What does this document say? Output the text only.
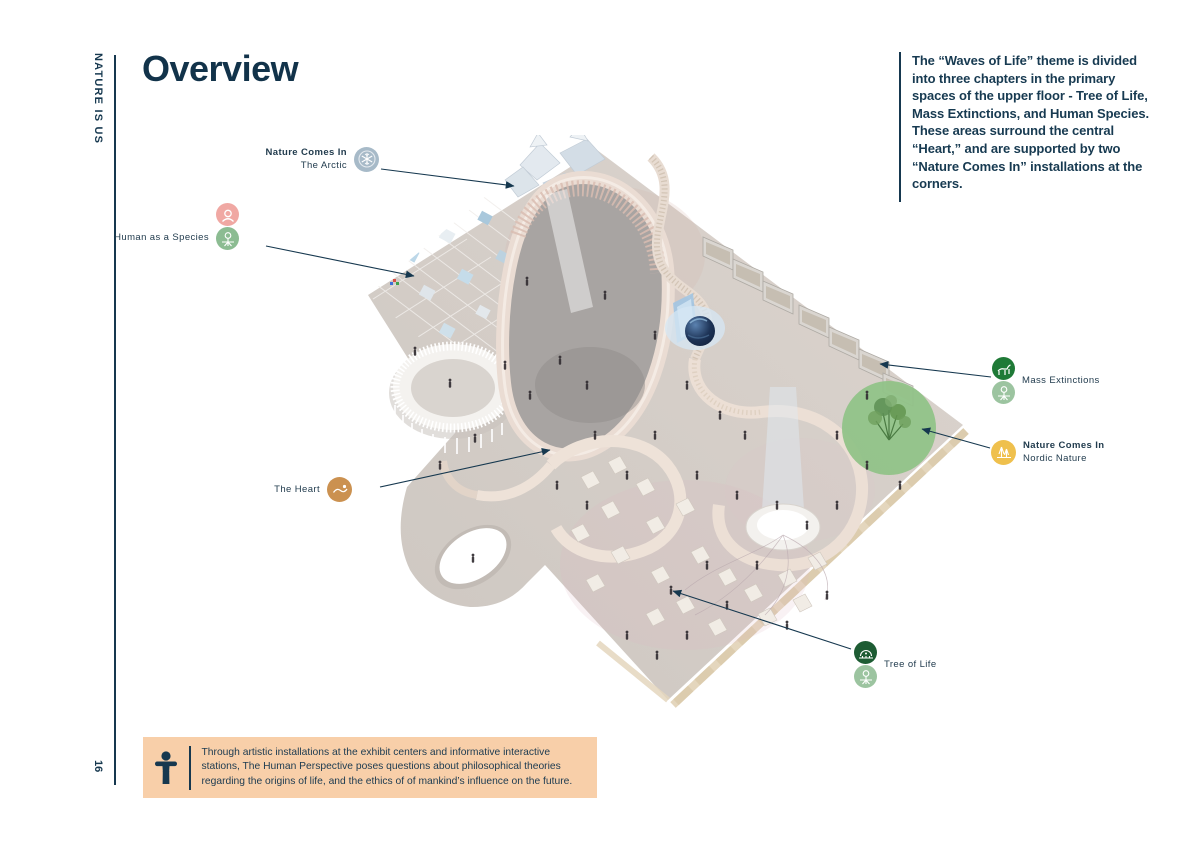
NATURE IS US
16
Overview	The “Waves of Life” theme is divided into three chapters in the primary spaces of the upper floor - Tree of Life, Mass Extinctions, and Human Species. These areas surround the central “Heart,” and are supported by two “Nature Comes In” installations at the corners.
Nature Comes In
The Arctic
Human as a Species
The Heart
Mass Extinctions
Nature Comes In
Nordic Nature
Tree of Life
Through artistic installations at the exhibit centers and informative interactive stations, The Human Perspective poses questions about philosophical theories regarding the origins of life, and the ethics of of mankind’s influence on the future.
